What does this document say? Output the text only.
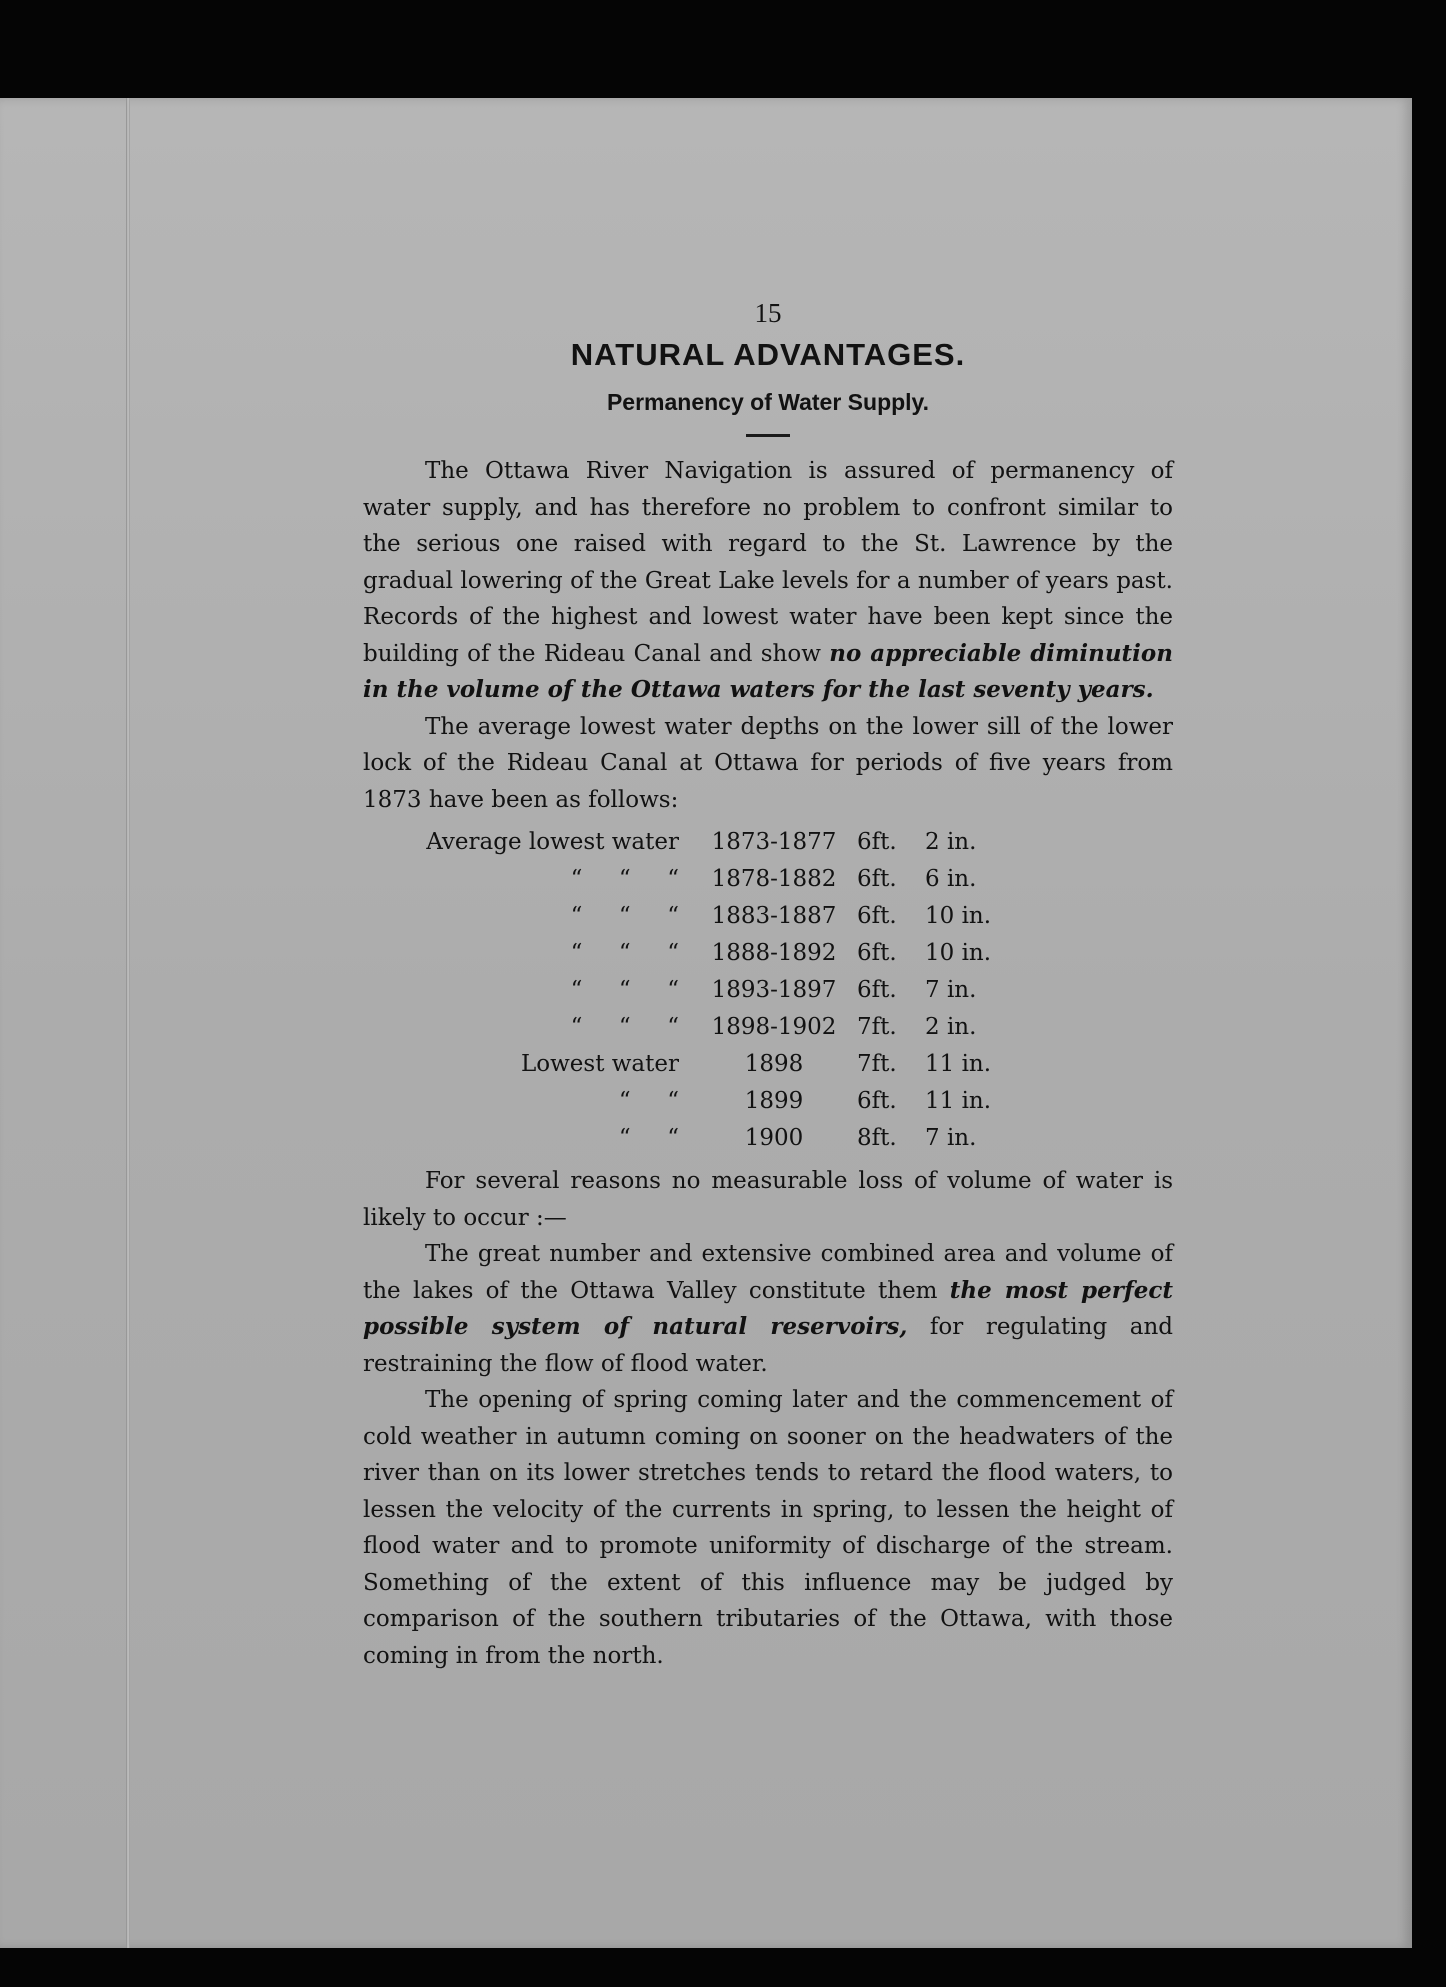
15
NATURAL ADVANTAGES.
Permanency of Water Supply.

The Ottawa River Navigation is assured of permanency of water supply, and has therefore no problem to confront similar to the serious one raised with regard to the St. Lawrence by the gradual lowering of the Great Lake levels for a number of years past. Records of the highest and lowest water have been kept since the building of the Rideau Canal and show no appreciable diminution in the volume of the Ottawa waters for the last seventy years.

The average lowest water depths on the lower sill of the lower lock of the Rideau Canal at Ottawa for periods of five years from 1873 have been as follows:

Average lowest water	1873-1877	6ft.	2 in.
“     “     “	1878-1882	6ft.	6 in.
“     “     “	1883-1887	6ft.	10 in.
“     “     “	1888-1892	6ft.	10 in.
“     “     “	1893-1897	6ft.	7 in.
“     “     “	1898-1902	7ft.	2 in.
Lowest water	1898	7ft.	11 in.
“     “	1899	6ft.	11 in.
“     “	1900	8ft.	7 in.

For several reasons no measurable loss of volume of water is likely to occur :—

The great number and extensive combined area and volume of the lakes of the Ottawa Valley constitute them the most perfect possible system of natural reservoirs, for regulating and restraining the flow of flood water.

The opening of spring coming later and the commencement of cold weather in autumn coming on sooner on the headwaters of the river than on its lower stretches tends to retard the flood waters, to lessen the velocity of the currents in spring, to lessen the height of flood water and to promote uniformity of discharge of the stream. Something of the extent of this influence may be judged by comparison of the southern tributaries of the Ottawa, with those coming in from the north.
